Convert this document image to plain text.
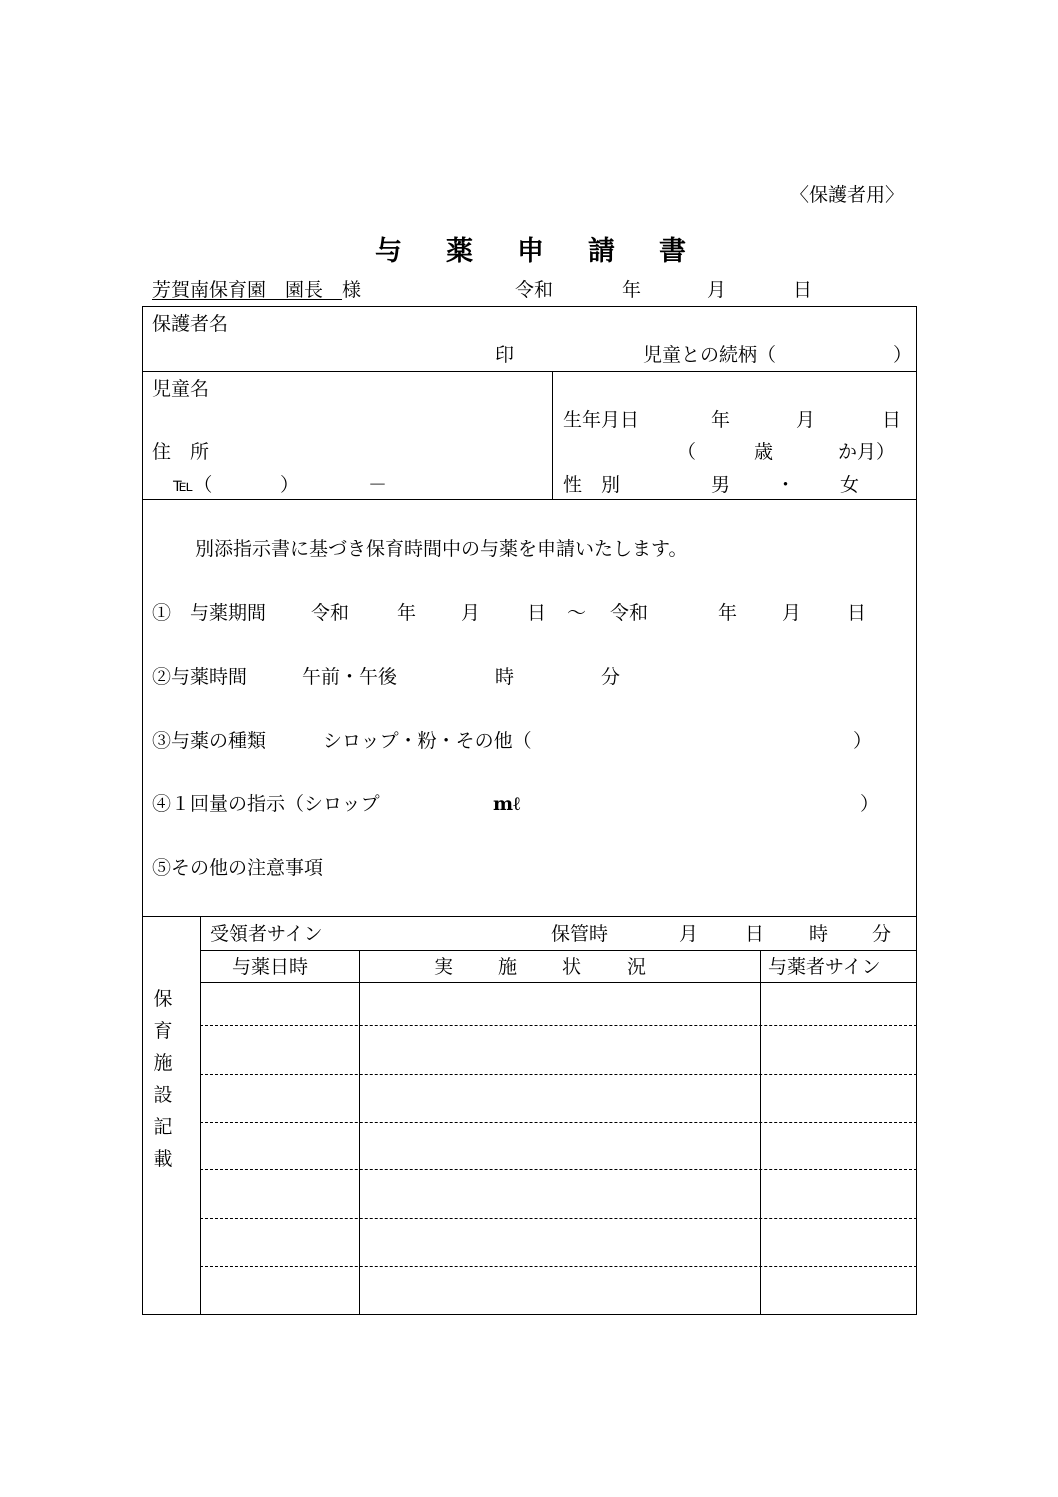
〈保護者用〉
与 薬 申 請 書
芳賀南保育園　園長　様	令和	年	月	日
保護者名
印	児童との続柄（	）
児童名
住　所
℡（	）	－
生年月日	年	月	日
（	歳	か月）
性　別	男 ・ 女
別添指示書に基づき保育時間中の与薬を申請いたします。
①　与薬期間 令和	年 月 日 ～ 令和	年 月 日
②与薬時間	午前・午後	時	分
③与薬の種類	シロップ・粉・その他（	）
④１回量の指示（シロップ	mℓ	）
⑤その他の注意事項
保
育
施
設
記
載
受領者サイン	保管時	月 日 時 分
与薬日時	実 施 状 況	与薬者サイン
